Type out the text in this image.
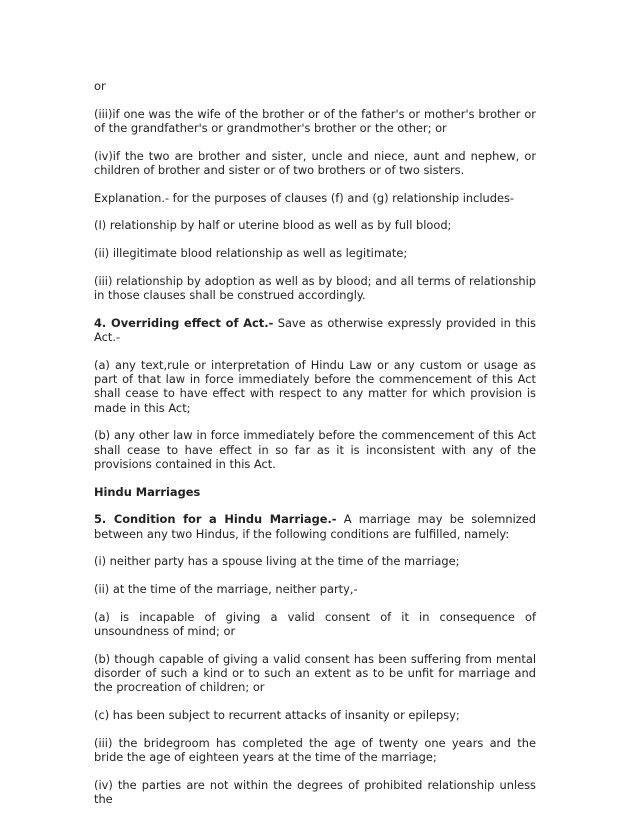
or

(iii)if one was the wife of the brother or of the father's or mother's brother or of the grandfather's or grandmother's brother or the other; or

(iv)if the two are brother and sister, uncle and niece, aunt and nephew, or children of brother and sister or of two brothers or of two sisters.

Explanation.- for the purposes of clauses (f) and (g) relationship includes-

(I) relationship by half or uterine blood as well as by full blood;

(ii) illegitimate blood relationship as well as legitimate;

(iii) relationship by adoption as well as by blood; and all terms of relationship in those clauses shall be construed accordingly.

4. Overriding effect of Act.- Save as otherwise expressly provided in this Act.-

(a) any text,rule or interpretation of Hindu Law or any custom or usage as part of that law in force immediately before the commencement of this Act shall cease to have effect with respect to any matter for which provision is made in this Act;

(b) any other law in force immediately before the commencement of this Act shall cease to have effect in so far as it is inconsistent with any of the provisions contained in this Act.

Hindu Marriages

5. Condition for a Hindu Marriage.- A marriage may be solemnized between any two Hindus, if the following conditions are fulfilled, namely:

(i) neither party has a spouse living at the time of the marriage;

(ii) at the time of the marriage, neither party,-

(a) is incapable of giving a valid consent of it in consequence of unsoundness of mind; or

(b) though capable of giving a valid consent has been suffering from mental disorder of such a kind or to such an extent as to be unfit for marriage and the procreation of children; or

(c) has been subject to recurrent attacks of insanity or epilepsy;

(iii) the bridegroom has completed the age of twenty one years and the bride the age of eighteen years at the time of the marriage;

(iv) the parties are not within the degrees of prohibited relationship unless the
